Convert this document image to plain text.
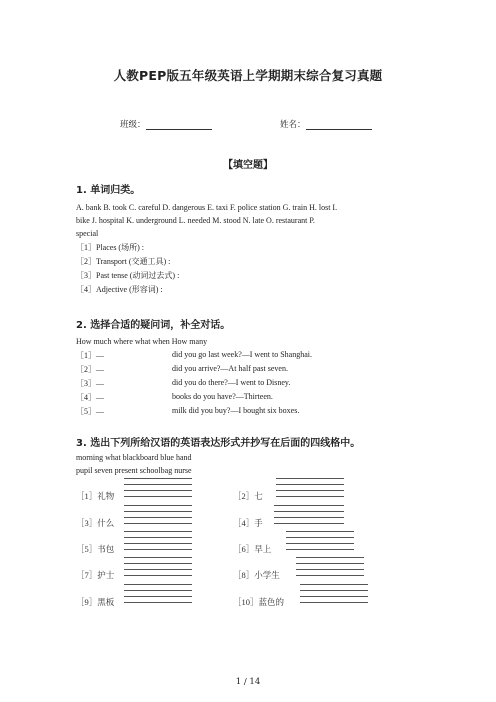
人教PEP版五年级英语上学期期末综合复习真题
班级：	姓名：
【填空题】
1. 单词归类。
A. bank B. took C. careful D. dangerous E. taxi F. police station G. train H. lost I.
bike J. hospital K. underground L. needed M. stood N. late O. restaurant P.
special
［1］Places (场所) :
［2］Transport (交通工具) :
［3］Past tense (动词过去式) :
［4］Adjective (形容词) :
2. 选择合适的疑问词，补全对话。
How much where what when How many
［1］—	did you go last week?—I went to Shanghai.
［2］—	did you arrive?—At half past seven.
［3］—	did you do there?—I went to Disney.
［4］—	books do you have?—Thirteen.
［5］—	milk did you buy?—I bought six boxes.
3. 选出下列所给汉语的英语表达形式并抄写在后面的四线格中。
morning what blackboard blue hand
pupil seven present schoolbag nurse
［1］礼物
［3］什么
［5］书包
［7］护士
［9］黑板
［2］七
［4］手
［6］早上
［8］小学生
［10］蓝色的
1 / 14
